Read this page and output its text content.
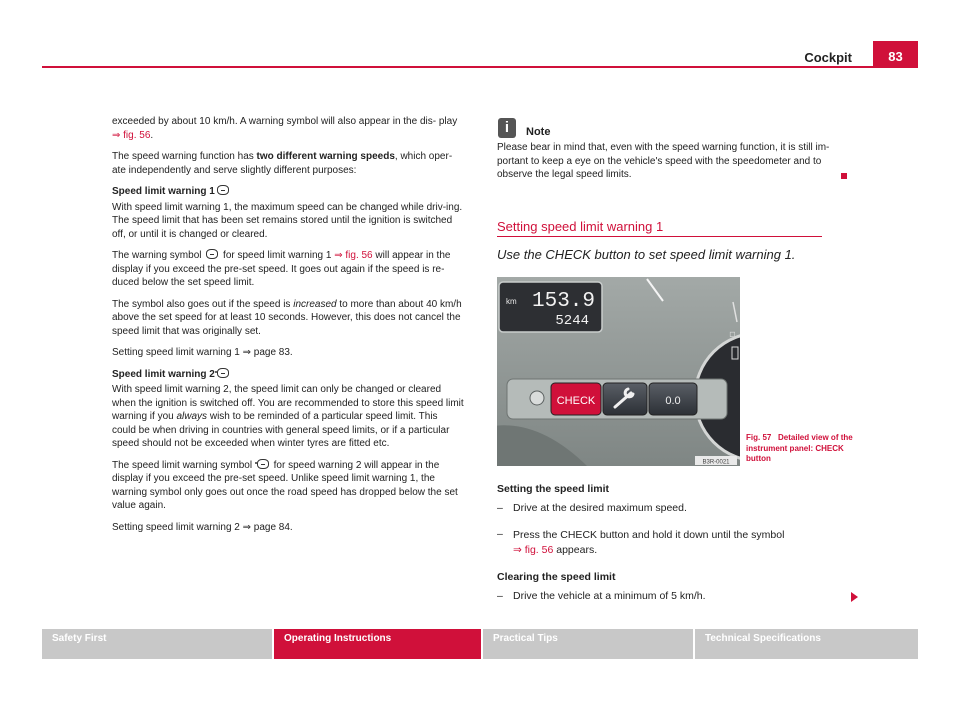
Cockpit	83

exceeded by about 10 km/h. A warning symbol will also appear in the dis- play ⇒ fig. 56.

The speed warning function has two different warning speeds, which oper-ate independently and serve slightly different purposes:

Speed limit warning 1

With speed limit warning 1, the maximum speed can be changed while driv-ing. The speed limit that has been set remains stored until the ignition is switched off, or until it is changed or cleared.

The warning symbol  for speed limit warning 1 ⇒ fig. 56 will appear in the display if you exceed the pre-set speed. It goes out again if the speed is re-duced below the set speed limit.

The symbol also goes out if the speed is increased to more than about 40 km/h above the set speed for at least 10 seconds. However, this does not cancel the speed limit that was originally set.

Setting speed limit warning 1 ⇒ page 83.

Speed limit warning 2

With speed limit warning 2, the speed limit can only be changed or cleared when the ignition is switched off. You are recommended to store this speed limit warning if you always wish to be reminded of a particular speed limit. This could be when driving in countries with general speed limits, or if a particular speed should not be exceeded when winter tyres are fitted etc.

The speed limit warning symbol  for speed warning 2 will appear in the display if you exceed the pre-set speed. Unlike speed limit warning 1, the warning symbol only goes out once the road speed has dropped below the set value again.

Setting speed limit warning 2 ⇒ page 84.

i	Note
Please bear in mind that, even with the speed warning function, it is still im-portant to keep a eye on the vehicle's speed with the speedometer and to observe the legal speed limits.
Setting speed limit warning 1
Use the CHECK button to set speed limit warning 1.
km 153.9
5244
▫
CHECK	0.0
B3R-0021
Fig. 57 Detailed view of the instrument panel: CHECK button
Setting the speed limit
– Drive at the desired maximum speed.
– Press the CHECK button and hold it down until the symbol
⇒ fig. 56 appears.
Clearing the speed limit
– Drive the vehicle at a minimum of 5 km/h.
Safety First	Operating Instructions	Practical Tips	Technical Specifications
